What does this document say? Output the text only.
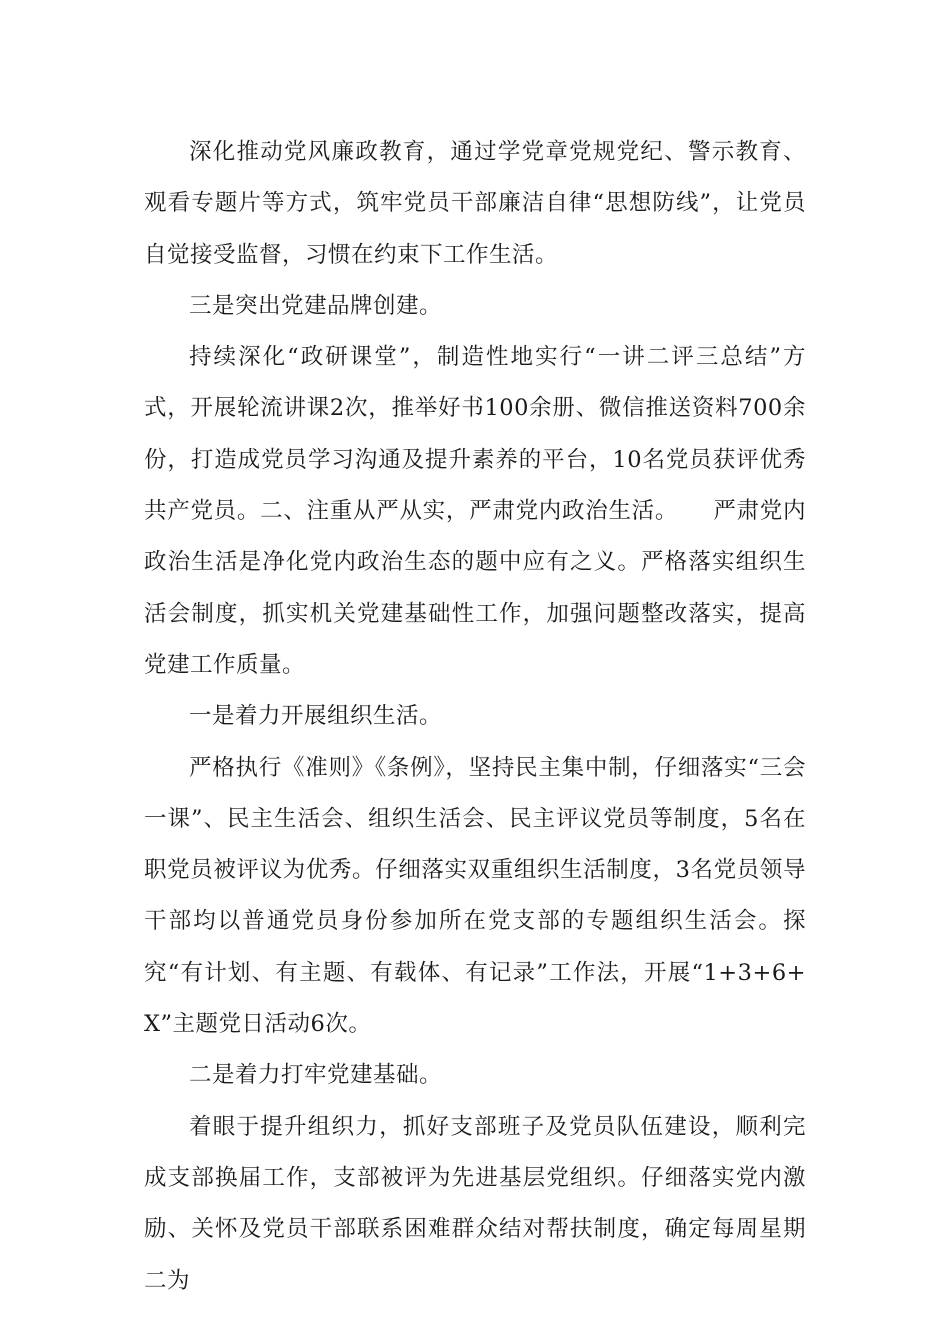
深化推动党风廉政教育，通过学党章党规党纪、警示教育、观看专题片等方式，筑牢党员干部廉洁自律“思想防线”，让党员自觉接受监督，习惯在约束下工作生活。

三是突出党建品牌创建。

持续深化“政研课堂”，制造性地实行“一讲二评三总结”方式，开展轮流讲课2次，推举好书100余册、微信推送资料700余份，打造成党员学习沟通及提升素养的平台，10名党员获评优秀共产党员。二、注重从严从实，严肃党内政治生活。　　严肃党内政治生活是净化党内政治生态的题中应有之义。严格落实组织生活会制度，抓实机关党建基础性工作，加强问题整改落实，提高党建工作质量。

一是着力开展组织生活。

严格执行《准则》《条例》，坚持民主集中制，仔细落实“三会一课”、民主生活会、组织生活会、民主评议党员等制度，5名在职党员被评议为优秀。仔细落实双重组织生活制度，3名党员领导干部均以普通党员身份参加所在党支部的专题组织生活会。探究“有计划、有主题、有载体、有记录”工作法，开展“1+3+6+X”主题党日活动6次。

二是着力打牢党建基础。

着眼于提升组织力，抓好支部班子及党员队伍建设，顺利完成支部换届工作，支部被评为先进基层党组织。仔细落实党内激励、关怀及党员干部联系困难群众结对帮扶制度，确定每周星期二为
